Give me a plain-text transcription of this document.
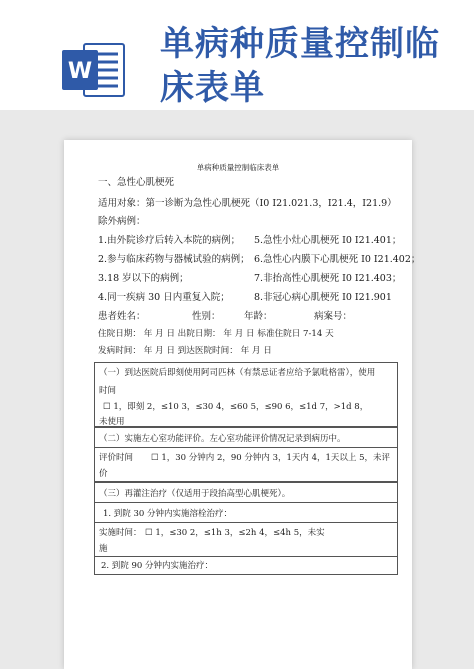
W
单病种质量控制临
床表单
单病种质量控制临床表单
一、急性心肌梗死
适用对象：第一诊断为急性心肌梗死（I0 I21.021.3，I21.4，I21.9）
除外病例：
1.由外院诊疗后转入本院的病例； 5.急性小灶心肌梗死 I0 I21.401；
2.参与临床药物与器械试验的病例； 6.急性心内膜下心肌梗死 I0 I21.402；
3.18 岁以下的病例；	7.非抬高性心肌梗死 I0 I21.403；
4.同一疾病 30 日内重复入院；	8.非冠心病心肌梗死 I0 I21.901
患者姓名：	性别： 年龄：	病案号：
住院日期： 年 月 日 出院日期： 年 月 日 标准住院日 7-14 天
发病时间： 年 月 日 到达医院时间： 年 月 日
（一）到达医院后即刻使用阿司匹林（有禁忌证者应给予氯吡格雷），使用
时间
☐ 1，即刻 2，≤10 3，≤30 4，≤60 5，≤90 6，≤1d 7，>1d 8，
未使用
（二）实施左心室功能评价。左心室功能评价情况记录到病历中。
评价时间 ☐ 1，30 分钟内 2，90 分钟内 3，1天内 4，1天以上 5，未评
价
（三）再灌注治疗（仅适用于段抬高型心肌梗死）。
1. 到院 30 分钟内实施溶栓治疗：
实施时间： ☐ 1，≤30 2，≤1h 3，≤2h 4，≤4h 5，未实
施
2. 到院 90 分钟内实施治疗：
